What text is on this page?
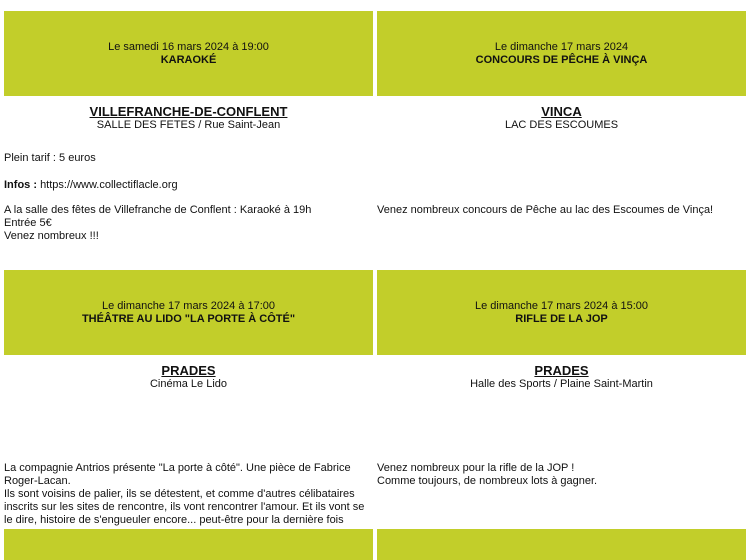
Le samedi 16 mars 2024 à 19:00
KARAOKÉ
VILLEFRANCHE-DE-CONFLENT
SALLE DES FETES / Rue Saint-Jean

Plein tarif : 5 euros

Infos : https://www.collectiflacle.org

A la salle des fêtes de Villefranche de Conflent : Karaoké à 19h

Entrée 5€

Venez nombreux !!!

Le dimanche 17 mars 2024
CONCOURS DE PÊCHE À VINÇA
VINCA
LAC DES ESCOUMES

Venez nombreux concours de Pêche au lac des Escoumes de Vinça!

Le dimanche 17 mars 2024 à 17:00
THÉÂTRE AU LIDO "LA PORTE À CÔTÉ"
PRADES
Cinéma Le Lido

La compagnie Antrios présente "La porte à côté". Une pièce de Fabrice Roger-Lacan.

Ils sont voisins de palier, ils se détestent, et comme d'autres célibataires inscrits sur les sites de rencontre, ils vont rencontrer l'amour. Et ils vont se le dire, histoire de s'engueuler encore... peut-être pour la dernière fois

Le dimanche 17 mars 2024 à 15:00
RIFLE DE LA JOP
PRADES
Halle des Sports / Plaine Saint-Martin

Venez nombreux pour la rifle de la JOP !

Comme toujours, de nombreux lots à gagner.
